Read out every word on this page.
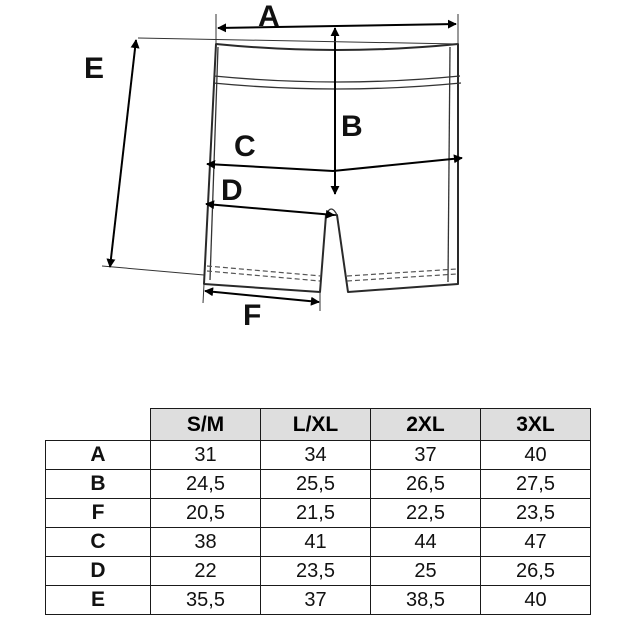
A
B
C
D
E
F
	S/M	L/XL	2XL	3XL
A	31	34	37	40
B	24,5	25,5	26,5	27,5
F	20,5	21,5	22,5	23,5
C	38	41	44	47
D	22	23,5	25	26,5
E	35,5	37	38,5	40
